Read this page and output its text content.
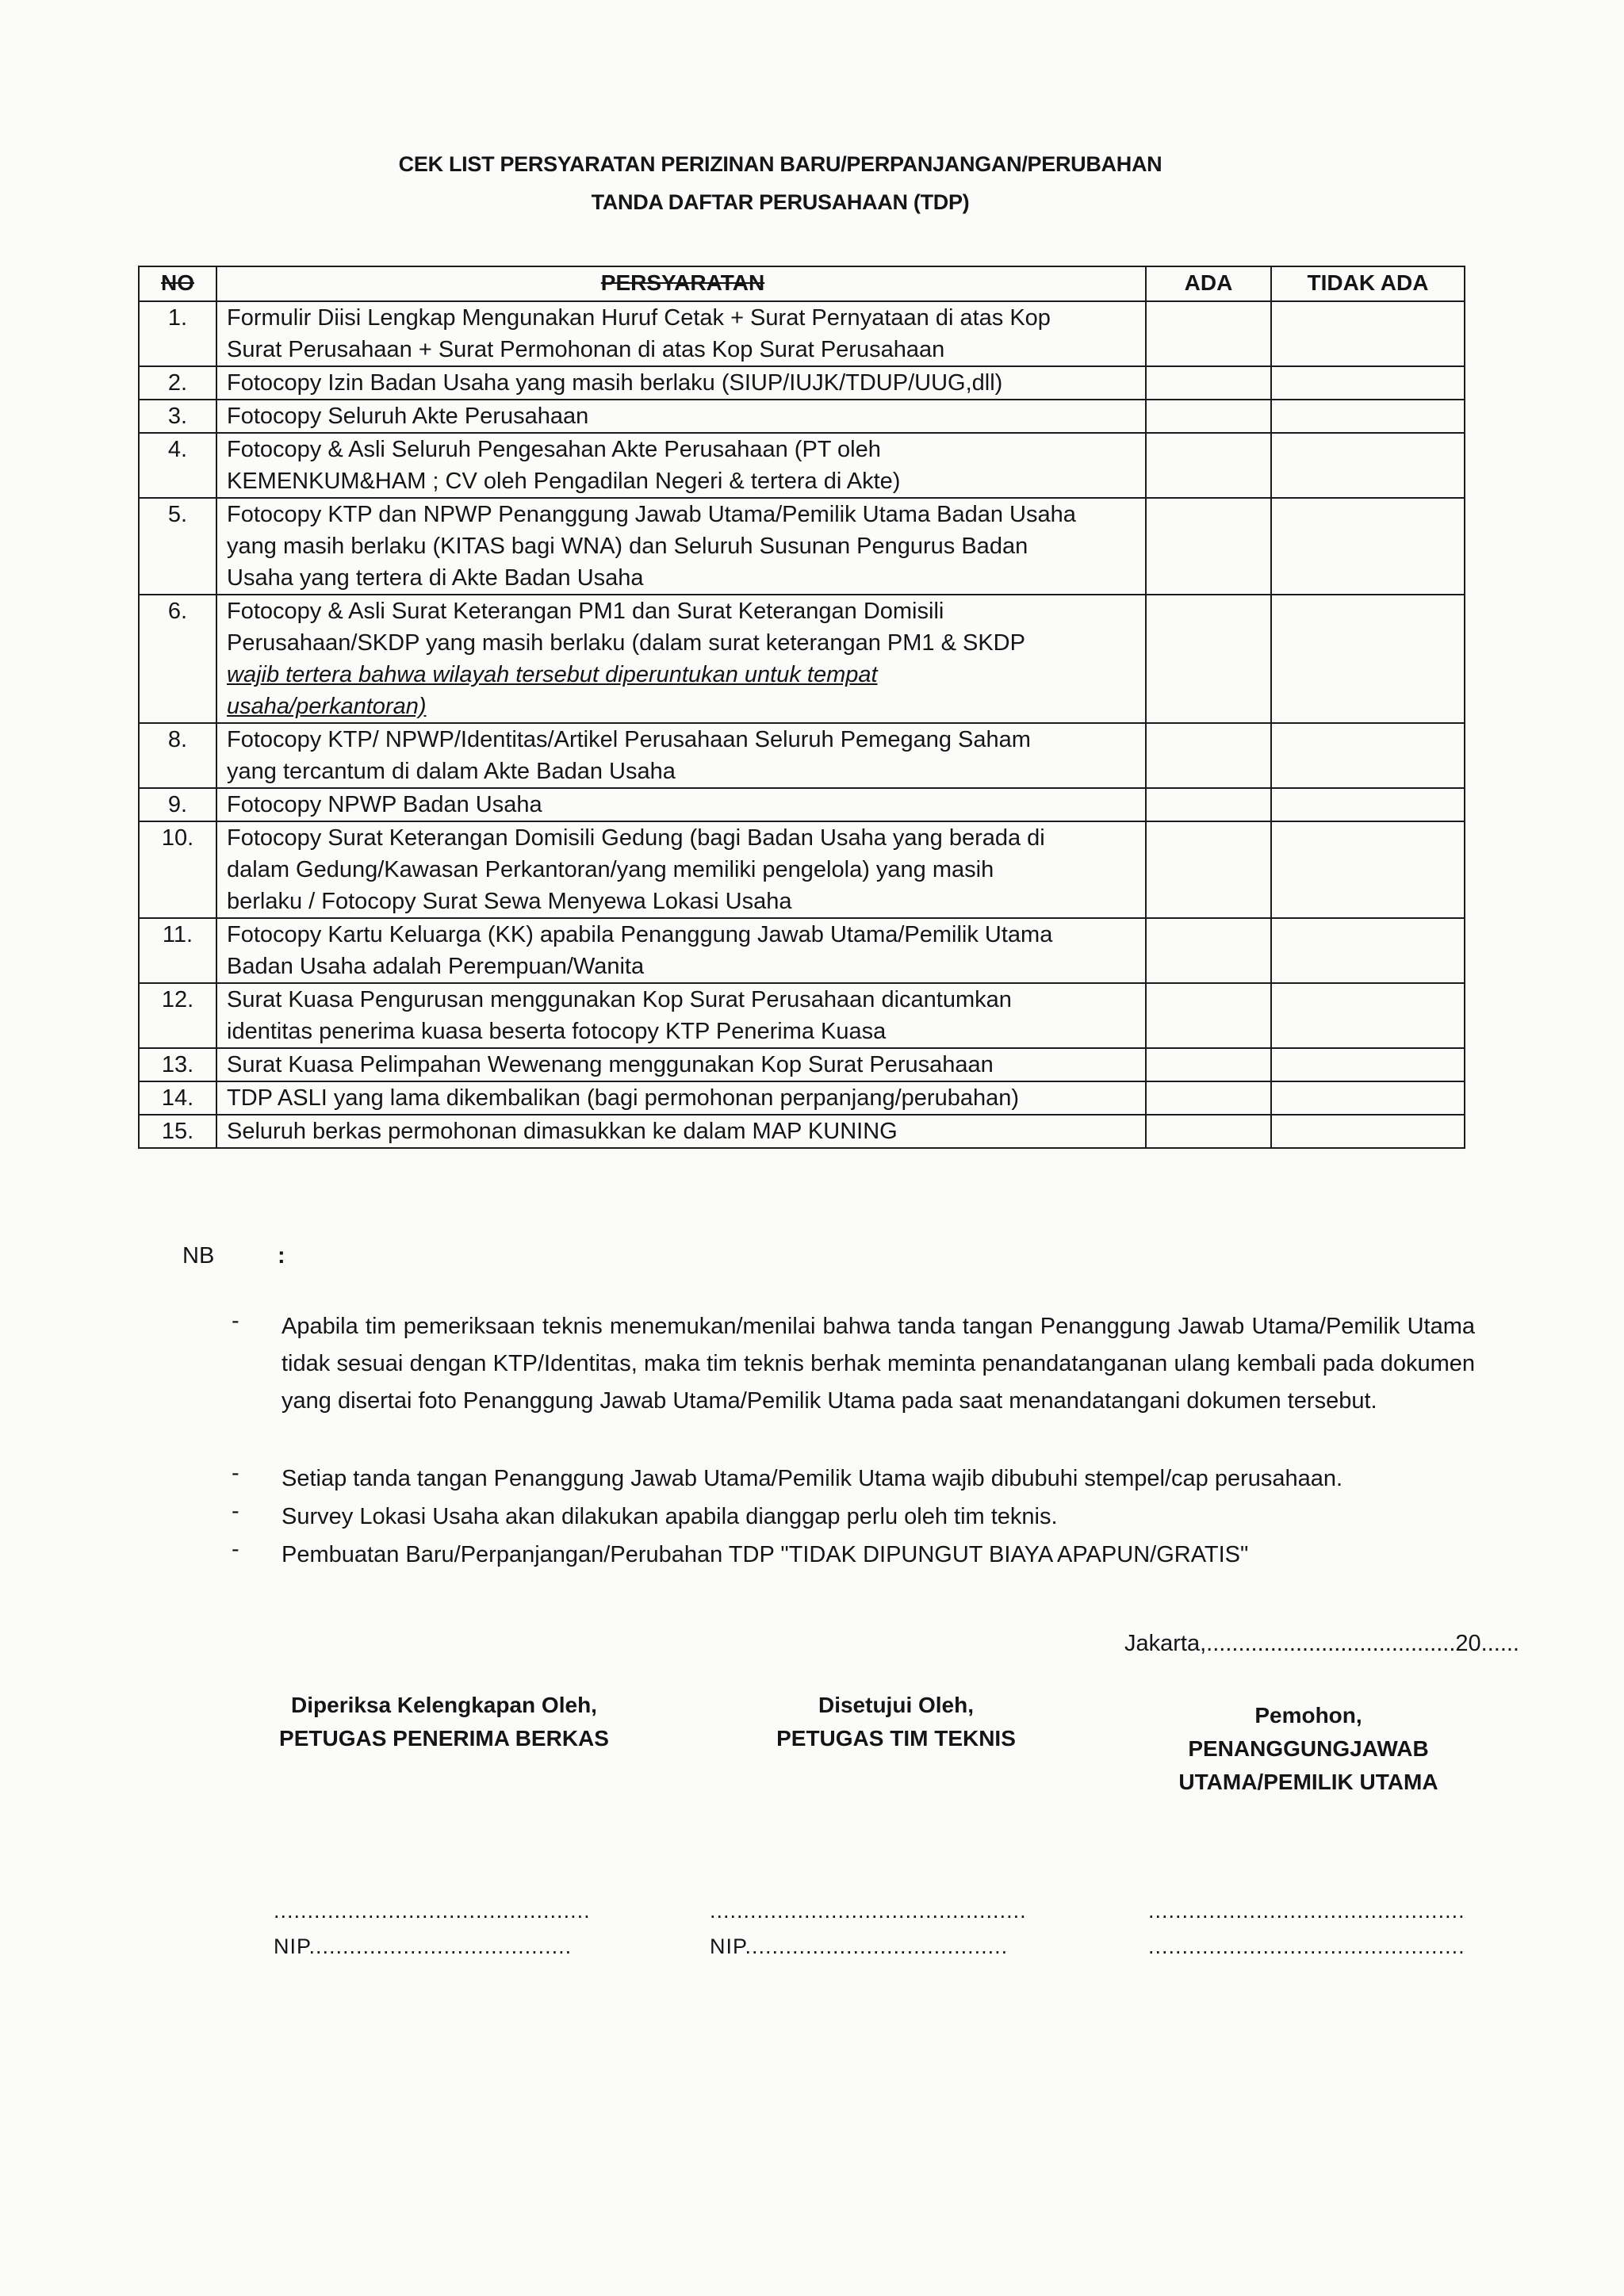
CEK LIST PERSYARATAN PERIZINAN BARU/PERPANJANGAN/PERUBAHAN
TANDA DAFTAR PERUSAHAAN (TDP)
NO	PERSYARATAN	ADA	TIDAK ADA
1.	Formulir Diisi Lengkap Mengunakan Huruf Cetak + Surat Pernyataan di atas Kop
Surat Perusahaan + Surat Permohonan di atas Kop Surat Perusahaan		

2.	Fotocopy Izin Badan Usaha yang masih berlaku (SIUP/IUJK/TDUP/UUG,dll)		

3.	Fotocopy Seluruh Akte Perusahaan		

4.	Fotocopy & Asli Seluruh Pengesahan Akte Perusahaan (PT oleh
KEMENKUM&HAM ; CV oleh Pengadilan Negeri & tertera di Akte)		

5.	Fotocopy KTP dan NPWP Penanggung Jawab Utama/Pemilik Utama Badan Usaha
yang masih berlaku (KITAS bagi WNA) dan Seluruh Susunan Pengurus Badan
Usaha yang tertera di Akte Badan Usaha		

6.	Fotocopy & Asli Surat Keterangan PM1 dan Surat Keterangan Domisili
Perusahaan/SKDP yang masih berlaku (dalam surat keterangan PM1 & SKDP
wajib tertera bahwa wilayah tersebut diperuntukan untuk tempat
usaha/perkantoran)		

8.	Fotocopy KTP/ NPWP/Identitas/Artikel Perusahaan Seluruh Pemegang Saham
yang tercantum di dalam Akte Badan Usaha		

9.	Fotocopy NPWP Badan Usaha		

10.	Fotocopy Surat Keterangan Domisili Gedung (bagi Badan Usaha yang berada di
dalam Gedung/Kawasan Perkantoran/yang memiliki pengelola) yang masih
berlaku / Fotocopy Surat Sewa Menyewa Lokasi Usaha		

11.	Fotocopy Kartu Keluarga (KK) apabila Penanggung Jawab Utama/Pemilik Utama
Badan Usaha adalah Perempuan/Wanita		

12.	Surat Kuasa Pengurusan menggunakan Kop Surat Perusahaan dicantumkan
identitas penerima kuasa beserta fotocopy KTP Penerima Kuasa		

13.	Surat Kuasa Pelimpahan Wewenang menggunakan Kop Surat Perusahaan		

14.	TDP ASLI yang lama dikembalikan (bagi permohonan perpanjang/perubahan)		

15.	Seluruh berkas permohonan dimasukkan ke dalam MAP KUNING		

NB	:
- Apabila tim pemeriksaan teknis menemukan/menilai bahwa tanda tangan Penanggung Jawab Utama/Pemilik Utama tidak sesuai dengan KTP/Identitas, maka tim teknis berhak meminta penandatanganan ulang kembali pada dokumen yang disertai foto Penanggung Jawab Utama/Pemilik Utama pada saat menandatangani dokumen tersebut.
- Setiap tanda tangan Penanggung Jawab Utama/Pemilik Utama wajib dibubuhi stempel/cap perusahaan.
- Survey Lokasi Usaha akan dilakukan apabila dianggap perlu oleh tim teknis.
- Pembuatan Baru/Perpanjangan/Perubahan TDP "TIDAK DIPUNGUT BIAYA APAPUN/GRATIS"
Jakarta,.......................................20......
Diperiksa Kelengkapan Oleh,
PETUGAS PENERIMA BERKAS
Disetujui Oleh,
PETUGAS TIM TEKNIS
Pemohon,
PENANGGUNGJAWAB
UTAMA/PEMILIK UTAMA
...............................................
NIP.......................................
...............................................
NIP.......................................
...............................................
...............................................
